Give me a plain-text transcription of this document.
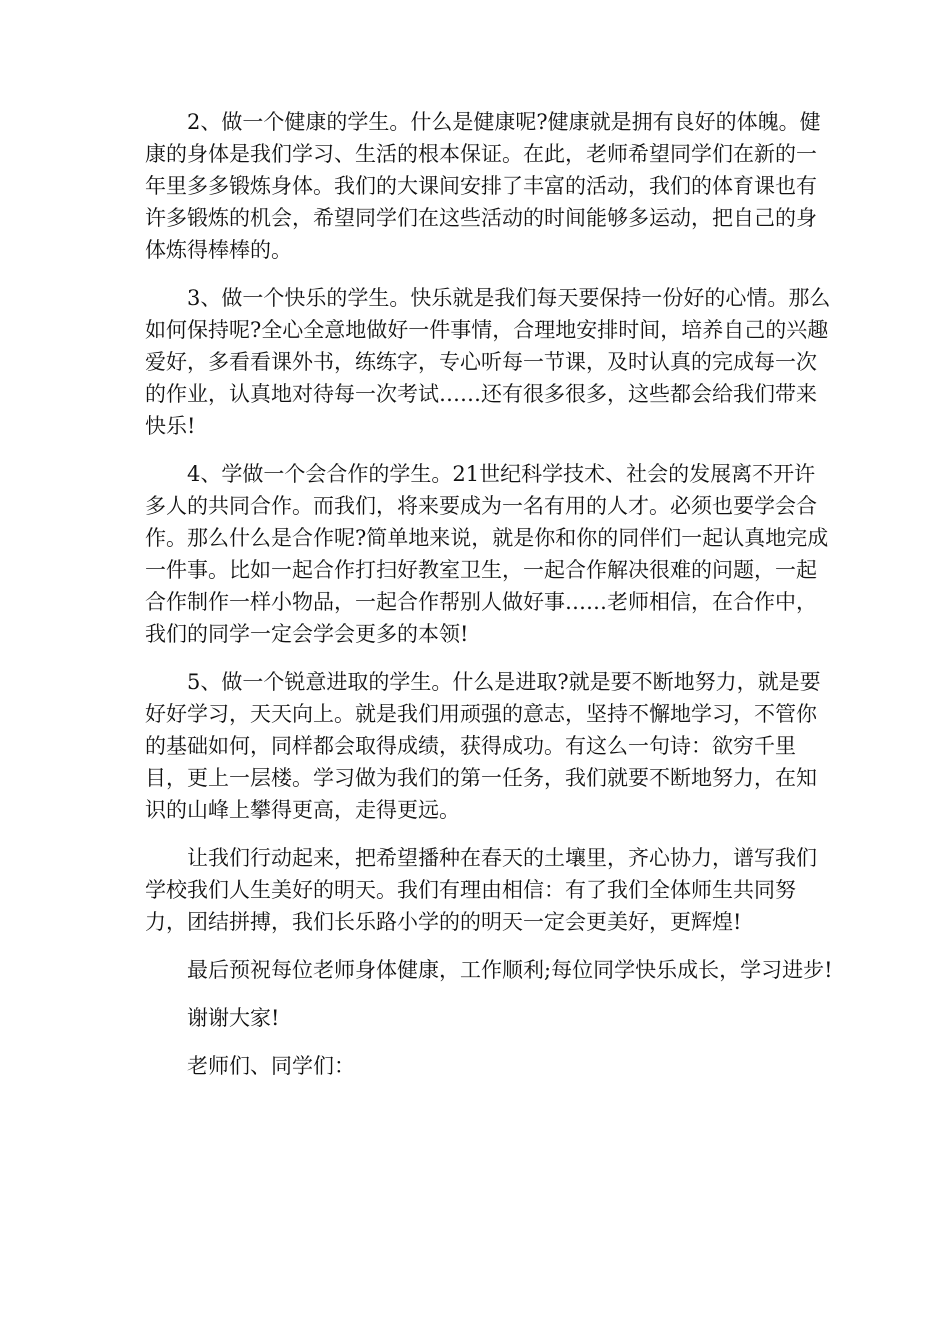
2、做一个健康的学生。什么是健康呢?健康就是拥有良好的体魄。健康的身体是我们学习、生活的根本保证。在此，老师希望同学们在新的一年里多多锻炼身体。我们的大课间安排了丰富的活动，我们的体育课也有许多锻炼的机会，希望同学们在这些活动的时间能够多运动，把自己的身体炼得棒棒的。

3、做一个快乐的学生。快乐就是我们每天要保持一份好的心情。那么如何保持呢?全心全意地做好一件事情，合理地安排时间，培养自己的兴趣爱好，多看看课外书，练练字，专心听每一节课，及时认真的完成每一次的作业，认真地对待每一次考试……还有很多很多，这些都会给我们带来快乐!

4、学做一个会合作的学生。21世纪科学技术、社会的发展离不开许多人的共同合作。而我们，将来要成为一名有用的人才。必须也要学会合作。那么什么是合作呢?简单地来说，就是你和你的同伴们一起认真地完成一件事。比如一起合作打扫好教室卫生，一起合作解决很难的问题，一起合作制作一样小物品，一起合作帮别人做好事……老师相信，在合作中，我们的同学一定会学会更多的本领!

5、做一个锐意进取的学生。什么是进取?就是要不断地努力，就是要好好学习，天天向上。就是我们用顽强的意志，坚持不懈地学习，不管你的基础如何，同样都会取得成绩，获得成功。有这么一句诗：欲穷千里目，更上一层楼。学习做为我们的第一任务，我们就要不断地努力，在知识的山峰上攀得更高，走得更远。

让我们行动起来，把希望播种在春天的土壤里，齐心协力，谱写我们学校我们人生美好的明天。我们有理由相信：有了我们全体师生共同努力，团结拼搏，我们长乐路小学的的明天一定会更美好，更辉煌!

最后预祝每位老师身体健康，工作顺利;每位同学快乐成长，学习进步!

谢谢大家!

老师们、同学们：
